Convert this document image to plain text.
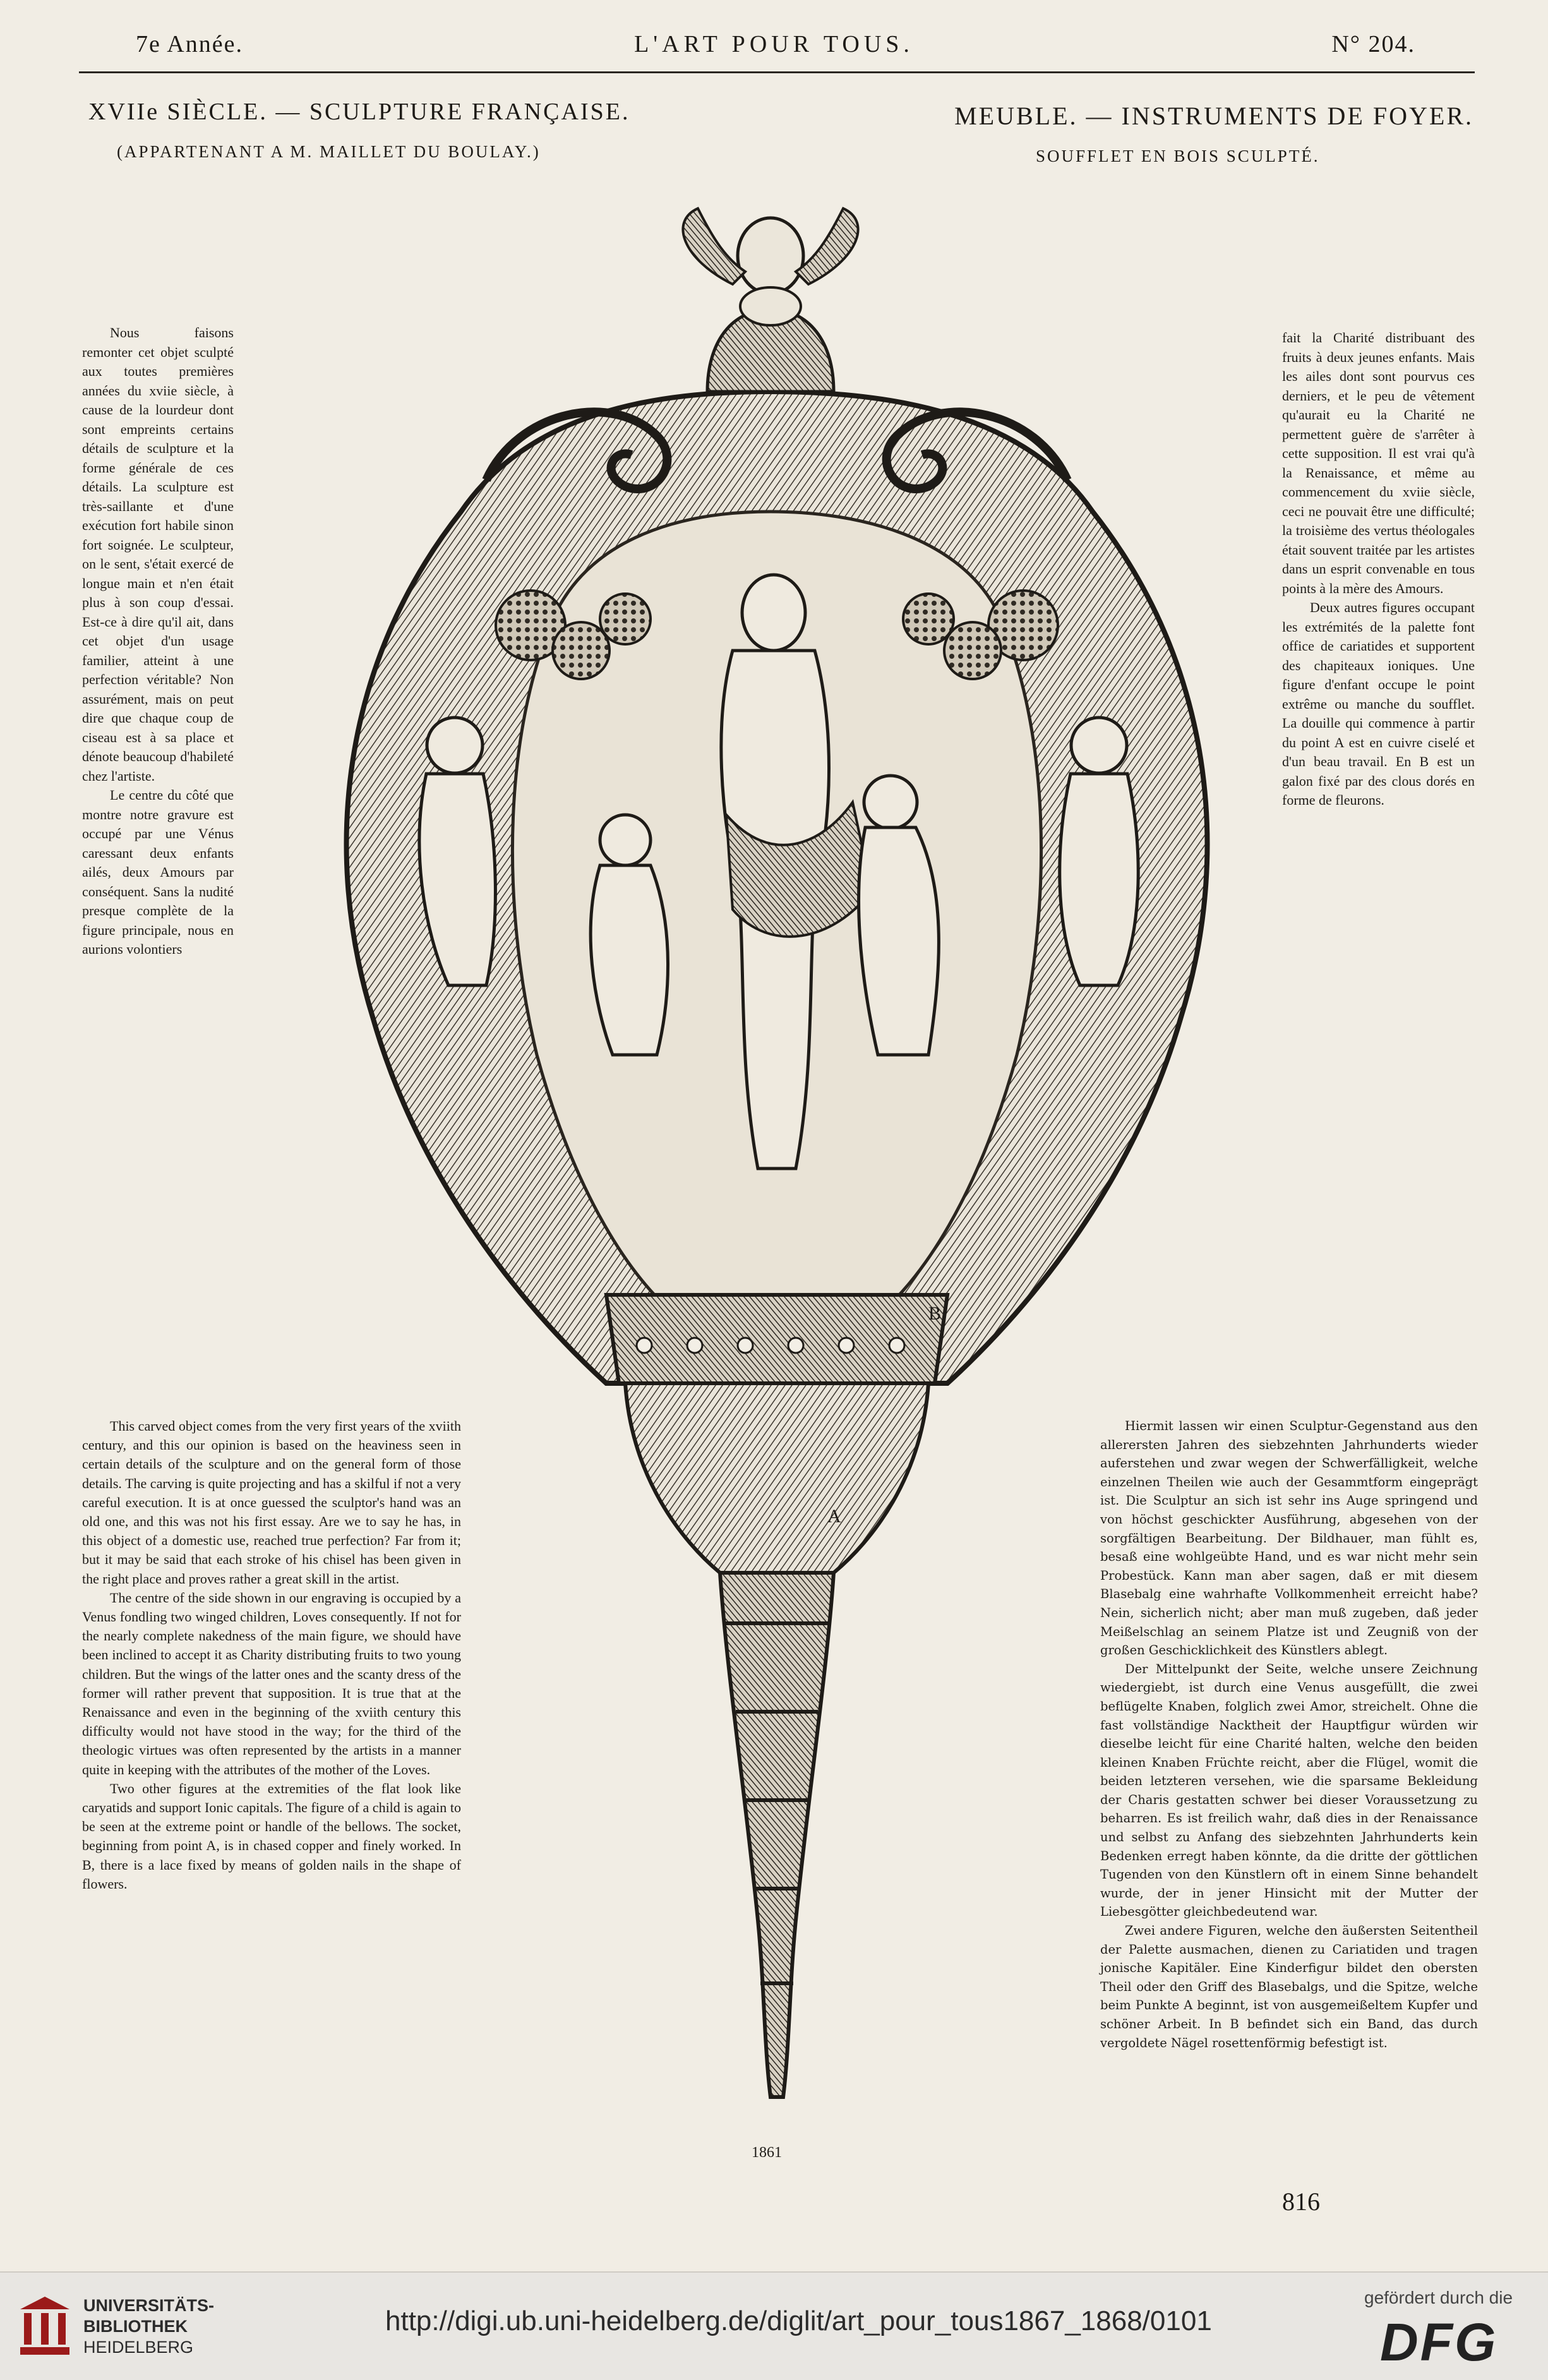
7e Année.	L'ART POUR TOUS.	N° 204.
XVIIe SIÈCLE. — SCULPTURE FRANÇAISE.
(APPARTENANT A M. MAILLET DU BOULAY.)
MEUBLE. — INSTRUMENTS DE FOYER.
SOUFFLET EN BOIS SCULPTÉ.

Nous faisons remonter cet objet sculpté aux toutes premières années du xviie siècle, à cause de la lourdeur dont sont empreints certains détails de sculpture et la forme générale de ces détails. La sculpture est très-saillante et d'une exécution fort habile sinon fort soignée. Le sculpteur, on le sent, s'était exercé de longue main et n'en était plus à son coup d'essai. Est-ce à dire qu'il ait, dans cet objet d'un usage familier, atteint à une perfection véritable? Non assurément, mais on peut dire que chaque coup de ciseau est à sa place et dénote beaucoup d'habileté chez l'artiste.

Le centre du côté que montre notre gravure est occupé par une Vénus caressant deux enfants ailés, deux Amours par conséquent. Sans la nudité presque complète de la figure principale, nous en aurions volontiers

fait la Charité distribuant des fruits à deux jeunes enfants. Mais les ailes dont sont pourvus ces derniers, et le peu de vêtement qu'aurait eu la Charité ne permettent guère de s'arrêter à cette supposition. Il est vrai qu'à la Renaissance, et même au commencement du xviie siècle, ceci ne pouvait être une difficulté; la troisième des vertus théologales était souvent traitée par les artistes dans un esprit convenable en tous points à la mère des Amours.

Deux autres figures occupant les extrémités de la palette font office de cariatides et supportent des chapiteaux ioniques. Une figure d'enfant occupe le point extrême ou manche du soufflet. La douille qui commence à partir du point A est en cuivre ciselé et d'un beau travail. En B est un galon fixé par des clous dorés en forme de fleurons.

This carved object comes from the very first years of the xviith century, and this our opinion is based on the heaviness seen in certain details of the sculpture and on the general form of those details. The carving is quite projecting and has a skilful if not a very careful execution. It is at once guessed the sculptor's hand was an old one, and this was not his first essay. Are we to say he has, in this object of a domestic use, reached true perfection? Far from it; but it may be said that each stroke of his chisel has been given in the right place and proves rather a great skill in the artist.

The centre of the side shown in our engraving is occupied by a Venus fondling two winged children, Loves consequently. If not for the nearly complete nakedness of the main figure, we should have been inclined to accept it as Charity distributing fruits to two young children. But the wings of the latter ones and the scanty dress of the former will rather prevent that supposition. It is true that at the Renaissance and even in the beginning of the xviith century this difficulty would not have stood in the way; for the third of the theologic virtues was often represented by the artists in a manner quite in keeping with the attributes of the mother of the Loves.

Two other figures at the extremities of the flat look like caryatids and support Ionic capitals. The figure of a child is again to be seen at the extreme point or handle of the bellows. The socket, beginning from point A, is in chased copper and finely worked. In B, there is a lace fixed by means of golden nails in the shape of flowers.

Hiermit lassen wir einen Sculptur-Gegenstand aus den allerersten Jahren des siebzehnten Jahrhunderts wieder auferstehen und zwar wegen der Schwerfälligkeit, welche einzelnen Theilen wie auch der Gesammtform eingeprägt ist. Die Sculptur an sich ist sehr ins Auge springend und von höchst geschickter Ausführung, abgesehen von der sorgfältigen Bearbeitung. Der Bildhauer, man fühlt es, besaß eine wohlgeübte Hand, und es war nicht mehr sein Probestück. Kann man aber sagen, daß er mit diesem Blasebalg eine wahrhafte Vollkommenheit erreicht habe? Nein, sicherlich nicht; aber man muß zugeben, daß jeder Meißelschlag an seinem Platze ist und Zeugniß von der großen Geschicklichkeit des Künstlers ablegt.

Der Mittelpunkt der Seite, welche unsere Zeichnung wiedergiebt, ist durch eine Venus ausgefüllt, die zwei beflügelte Knaben, folglich zwei Amor, streichelt. Ohne die fast vollständige Nacktheit der Hauptfigur würden wir dieselbe leicht für eine Charité halten, welche den beiden kleinen Knaben Früchte reicht, aber die Flügel, womit die beiden letzteren versehen, wie die sparsame Bekleidung der Charis gestatten schwer bei dieser Voraussetzung zu beharren. Es ist freilich wahr, daß dies in der Renaissance und selbst zu Anfang des siebzehnten Jahrhunderts kein Bedenken erregt haben könnte, da die dritte der göttlichen Tugenden von den Künstlern oft in einem Sinne behandelt wurde, der in jener Hinsicht mit der Mutter der Liebesgötter gleichbedeutend war.

Zwei andere Figuren, welche den äußersten Seitentheil der Palette ausmachen, dienen zu Cariatiden und tragen jonische Kapitäler. Eine Kinderfigur bildet den obersten Theil oder den Griff des Blasebalgs, und die Spitze, welche beim Punkte A beginnt, ist von ausgemeißeltem Kupfer und schöner Arbeit. In B befindet sich ein Band, das durch vergoldete Nägel rosettenförmig befestigt ist.

B
A
1861
816
UNIVERSITÄTS-
BIBLIOTHEK
HEIDELBERG
http://digi.ub.uni-heidelberg.de/diglit/art_pour_tous1867_1868/0101
gefördert durch die
DFG
